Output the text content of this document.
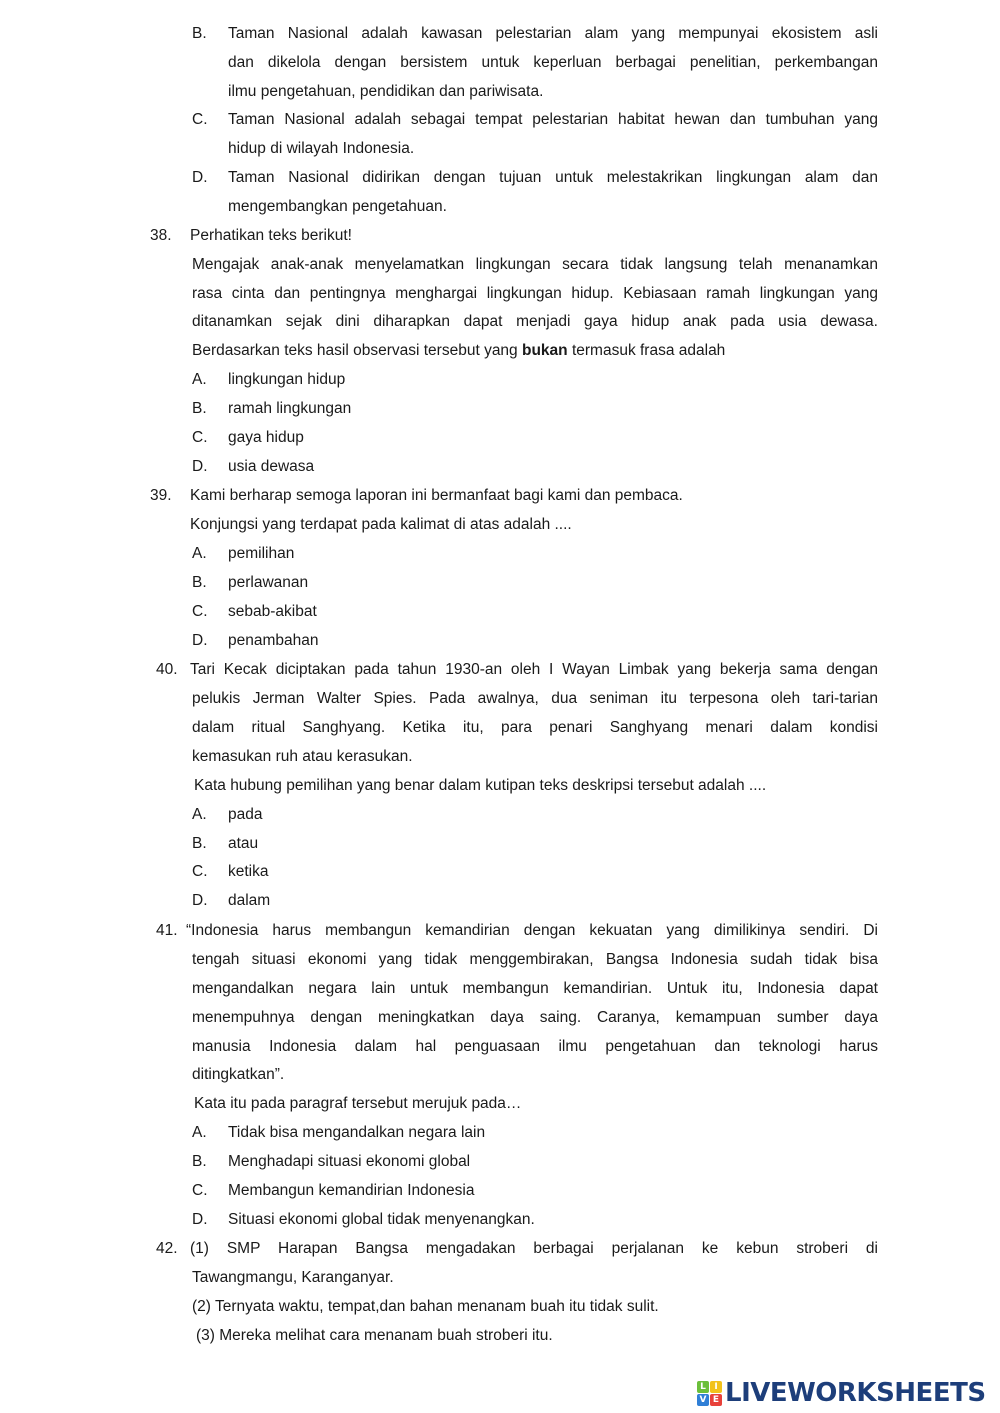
B. Taman Nasional adalah kawasan pelestarian alam yang mempunyai ekosistem asli
dan dikelola dengan bersistem untuk keperluan berbagai penelitian, perkembangan
ilmu pengetahuan, pendidikan dan pariwisata.
C. Taman Nasional adalah sebagai tempat pelestarian habitat hewan dan tumbuhan yang
hidup di wilayah Indonesia.
D. Taman Nasional didirikan dengan tujuan untuk melestakrikan lingkungan alam dan
mengembangkan pengetahuan.
38. Perhatikan teks berikut!
Mengajak anak-anak menyelamatkan lingkungan secara tidak langsung telah menanamkan
rasa cinta dan pentingnya menghargai lingkungan hidup. Kebiasaan ramah lingkungan yang
ditanamkan sejak dini diharapkan dapat menjadi gaya hidup anak pada usia dewasa.
Berdasarkan teks hasil observasi tersebut yang bukan termasuk frasa adalah
A. lingkungan hidup
B. ramah lingkungan
C. gaya hidup
D. usia dewasa
39. Kami berharap semoga laporan ini bermanfaat bagi kami dan pembaca.
Konjungsi yang terdapat pada kalimat di atas adalah ....
A. pemilihan
B. perlawanan
C. sebab-akibat
D. penambahan
40. Tari Kecak diciptakan pada tahun 1930-an oleh I Wayan Limbak yang bekerja sama dengan
pelukis Jerman Walter Spies. Pada awalnya, dua seniman itu terpesona oleh tari-tarian
dalam ritual Sanghyang. Ketika itu, para penari Sanghyang menari dalam kondisi
kemasukan ruh atau kerasukan.
Kata hubung pemilihan yang benar dalam kutipan teks deskripsi tersebut adalah ....
A. pada
B. atau
C. ketika
D. dalam
41. “Indonesia harus membangun kemandirian dengan kekuatan yang dimilikinya sendiri. Di
tengah situasi ekonomi yang tidak menggembirakan, Bangsa Indonesia sudah tidak bisa
mengandalkan negara lain untuk membangun kemandirian. Untuk itu, Indonesia dapat
menempuhnya dengan meningkatkan daya saing. Caranya, kemampuan sumber daya
manusia Indonesia dalam hal penguasaan ilmu pengetahuan dan teknologi harus
ditingkatkan”.
Kata itu pada paragraf tersebut merujuk pada…
A. Tidak bisa mengandalkan negara lain
B. Menghadapi situasi ekonomi global
C. Membangun kemandirian Indonesia
D. Situasi ekonomi global tidak menyenangkan.
42. (1) SMP Harapan Bangsa mengadakan berbagai perjalanan ke kebun stroberi di
Tawangmangu, Karanganyar.
(2) Ternyata waktu, tempat,dan bahan menanam buah itu tidak sulit.
(3) Mereka melihat cara menanam buah stroberi itu.
L I
V E LIVEWORKSHEETS
